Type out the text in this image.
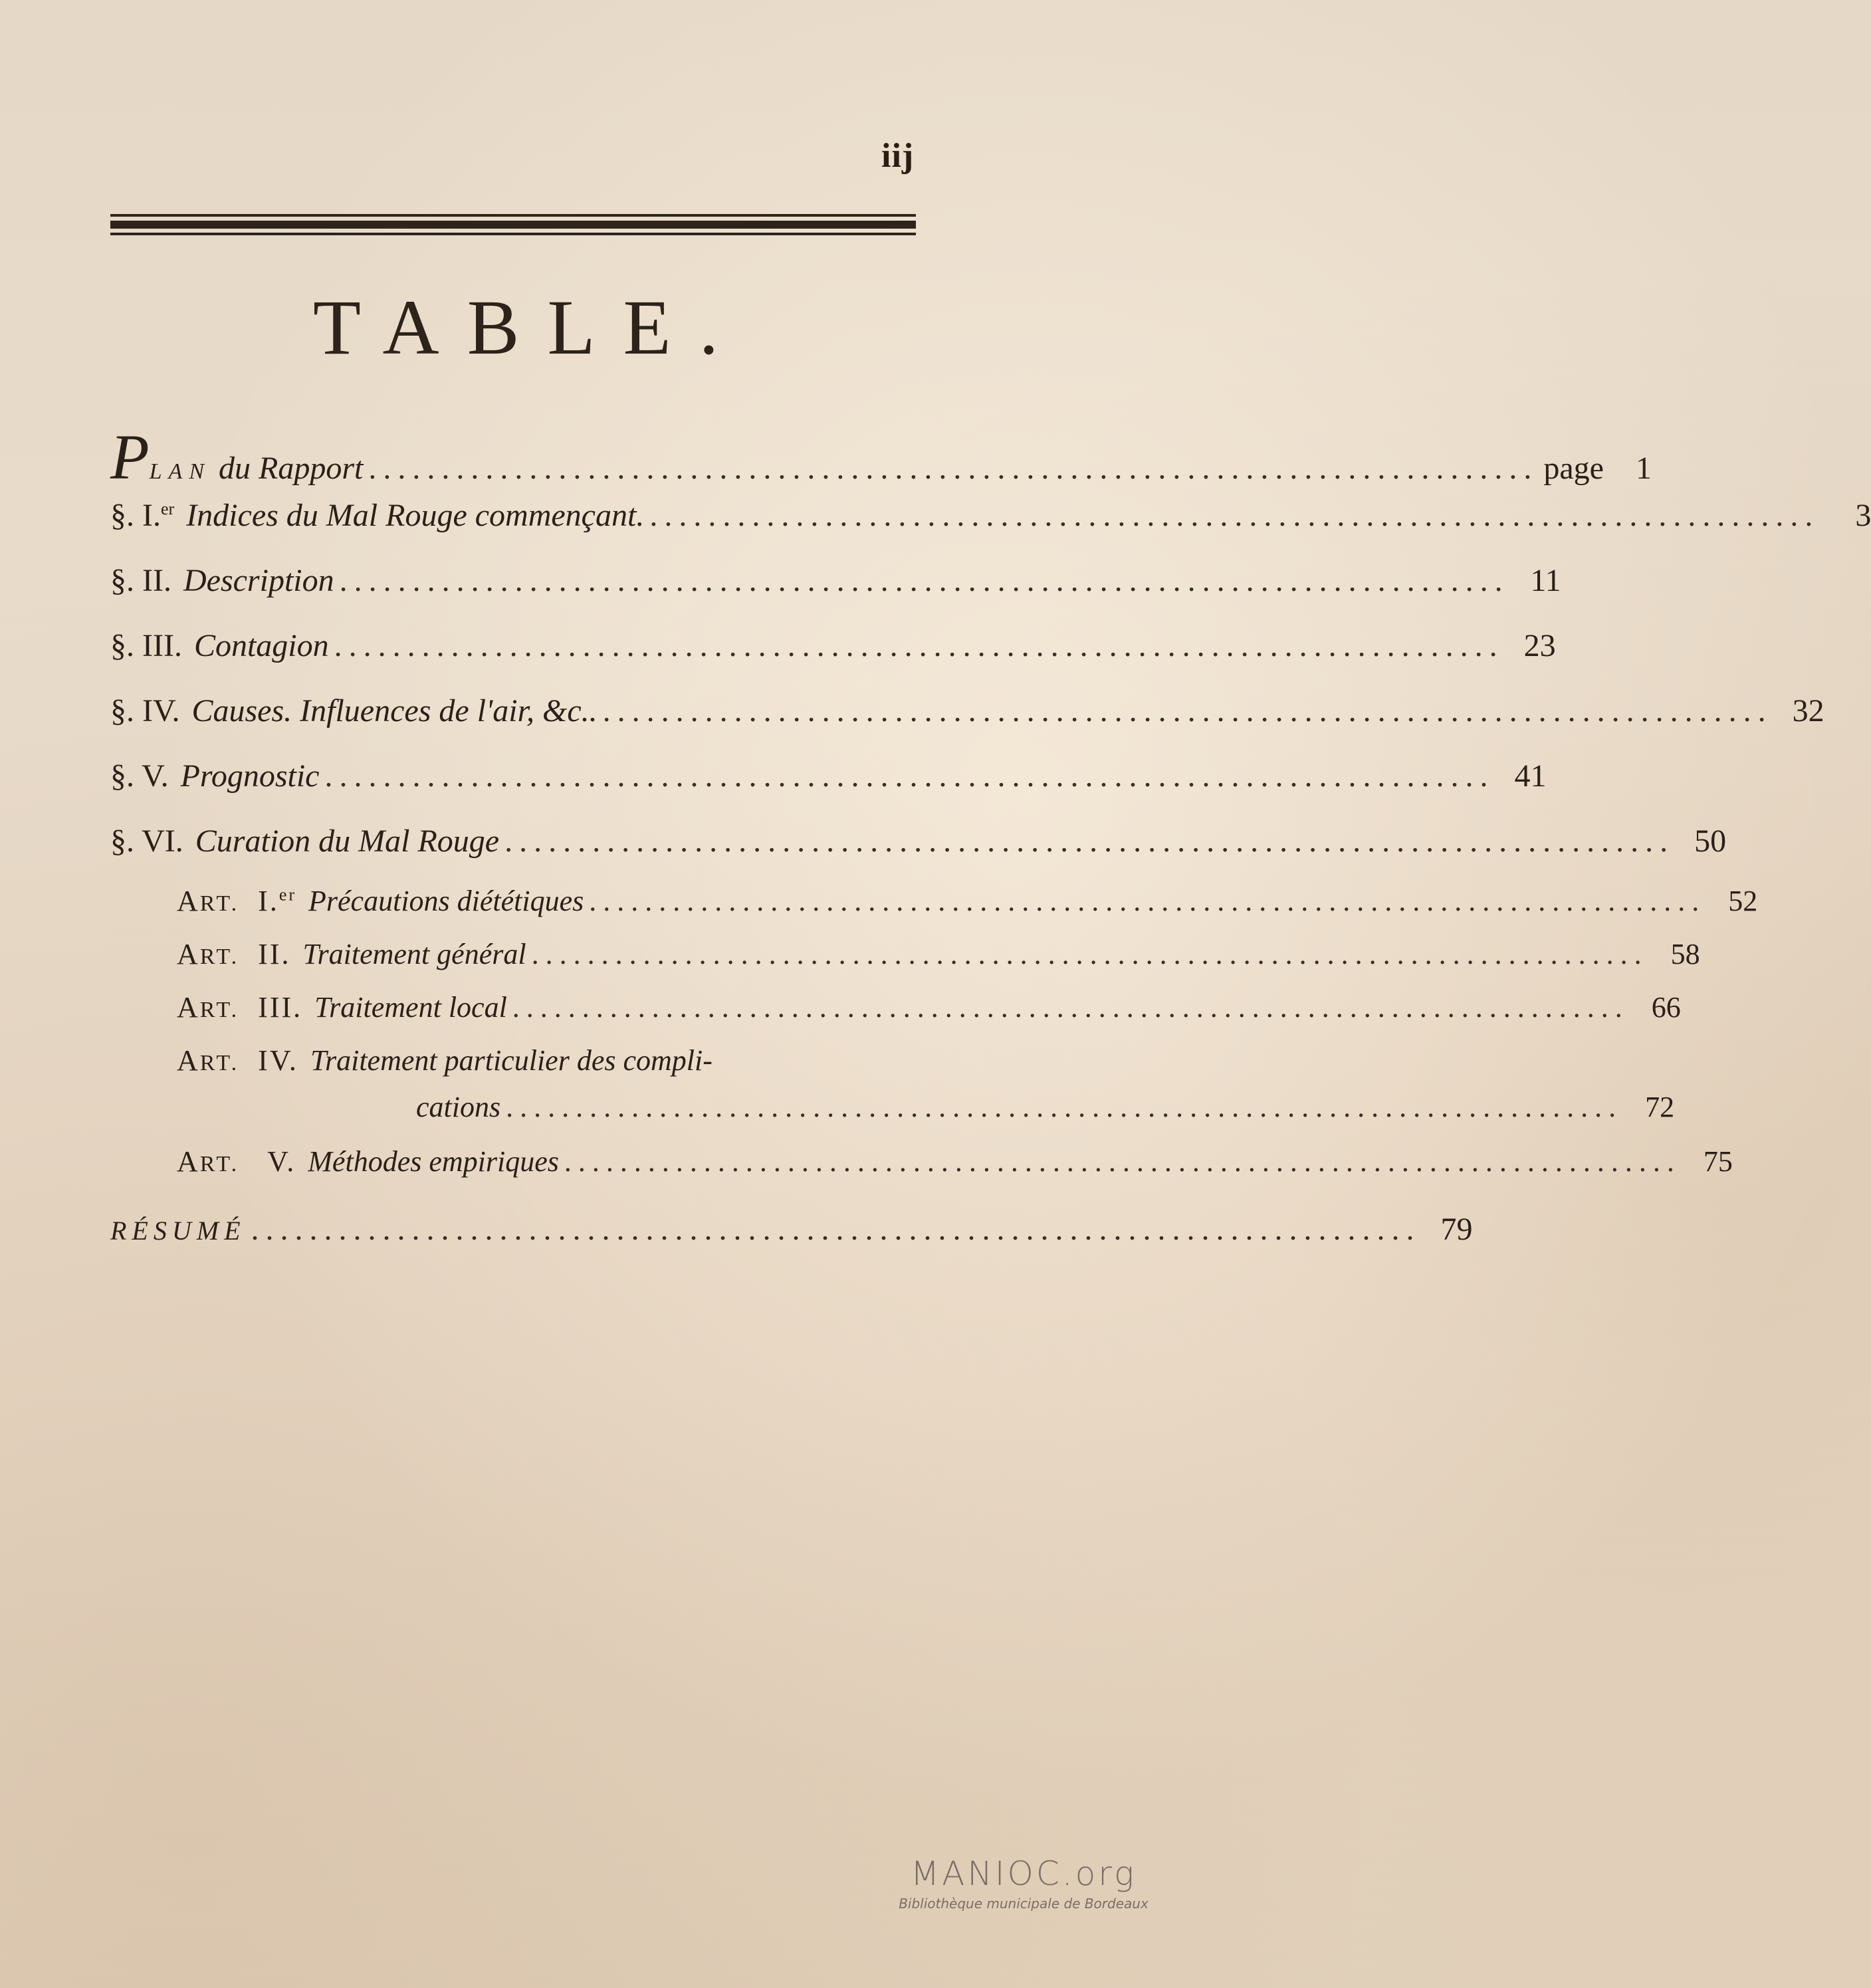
iij
TABLE.
PLAN du Rapport ................................................................................ page 1
§. I.$^{er}$ Indices du Mal Rouge commençant. ................................................................................	3
§. II. Description ................................................................................ 11
§. III. Contagion ................................................................................ 23
§. IV. Causes. Influences de l'air, &c.. ................................................................................ 32
§. V. Prognostic ................................................................................ 41
§. VI. Curation du Mal Rouge ................................................................................ 50
ART. I.$^{er}$ Précautions diététiques ................................................................................ 52
ART. II. Traitement général ................................................................................ 58
ART. III. Traitement local ................................................................................ 66
ART. IV. Traitement particulier des compli-
cations ................................................................................ 72
ART. V. Méthodes empiriques ................................................................................ 75
RÉSUMÉ ................................................................................ 79
MANIOC.org
Bibliothèque municipale de Bordeaux
